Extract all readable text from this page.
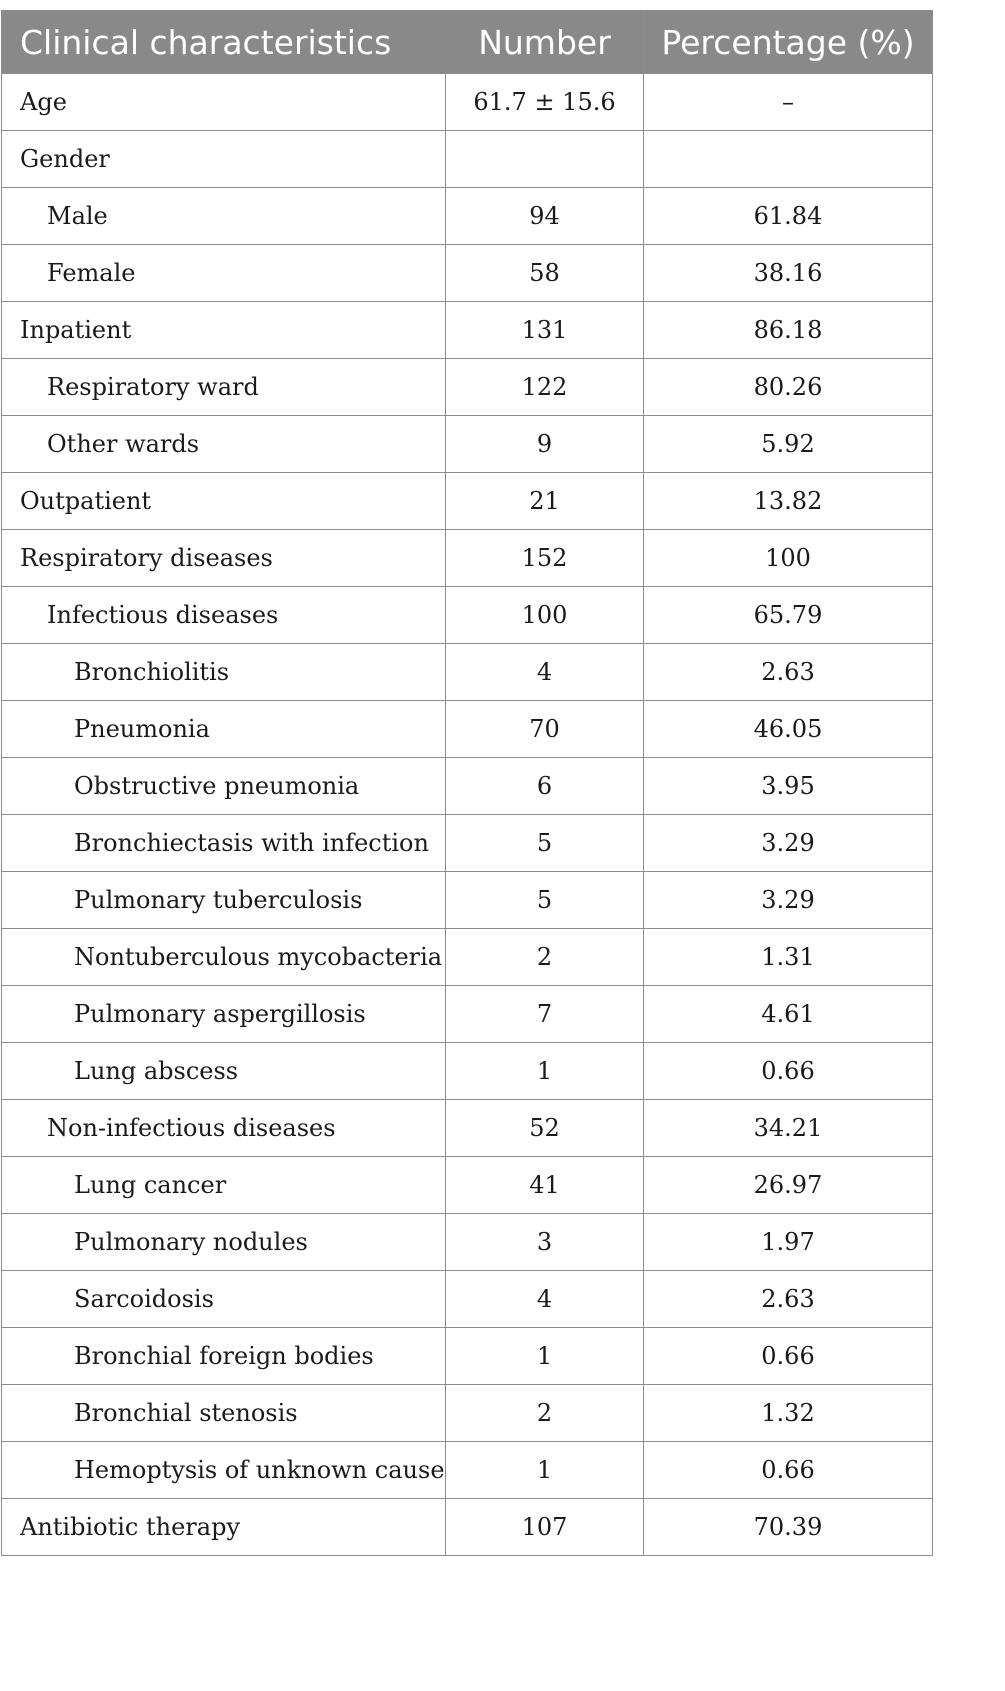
Clinical characteristics	Number	Percentage (%)
Age	61.7 ± 15.6	–
Gender		
Male	94	61.84
Female	58	38.16
Inpatient	131	86.18
Respiratory ward	122	80.26
Other wards	9	5.92
Outpatient	21	13.82
Respiratory diseases	152	100
Infectious diseases	100	65.79
Bronchiolitis	4	2.63
Pneumonia	70	46.05
Obstructive pneumonia	6	3.95
Bronchiectasis with infection	5	3.29
Pulmonary tuberculosis	5	3.29
Nontuberculous mycobacteria	2	1.31
Pulmonary aspergillosis	7	4.61
Lung abscess	1	0.66
Non-infectious diseases	52	34.21
Lung cancer	41	26.97
Pulmonary nodules	3	1.97
Sarcoidosis	4	2.63
Bronchial foreign bodies	1	0.66
Bronchial stenosis	2	1.32
Hemoptysis of unknown cause	1	0.66
Antibiotic therapy	107	70.39
